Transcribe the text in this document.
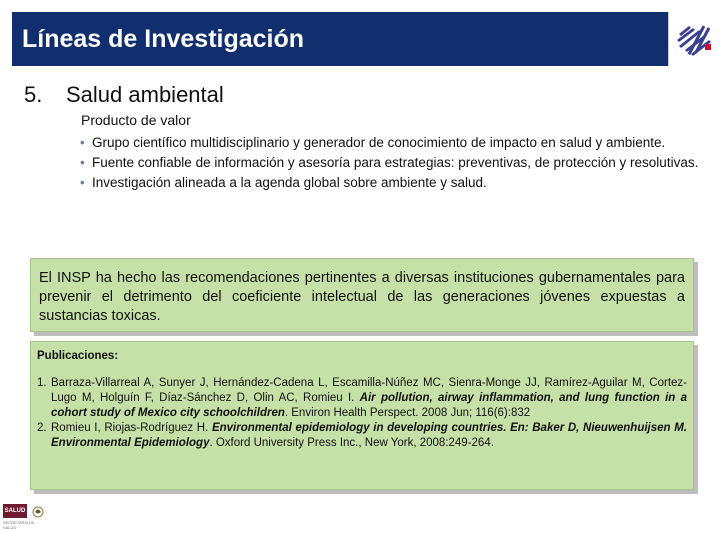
Líneas de Investigación
5. Salud ambiental
Producto de valor
• Grupo científico multidisciplinario y generador de conocimiento de impacto en salud y ambiente.
• Fuente confiable de información y asesoría para estrategias: preventivas, de protección y resolutivas.
• Investigación alineada a la agenda global sobre ambiente y salud.
El INSP ha hecho las recomendaciones pertinentes a diversas instituciones gubernamentales para prevenir el detrimento del coeficiente intelectual de las generaciones jóvenes expuestas a sustancias toxicas.
Publicaciones:
1. Barraza-Villarreal A, Sunyer J, Hernández-Cadena L, Escamilla-Núñez MC, Sienra-Monge JJ, Ramírez-Aguilar M, Cortez-Lugo M, Holguín F, Díaz-Sánchez D, Olin AC, Romieu I. Air pollution, airway inflammation, and lung function in a cohort study of Mexico city schoolchildren. Environ Health Perspect. 2008 Jun; 116(6):832
2. Romieu I, Riojas-Rodríguez H. Environmental epidemiology in developing countries. En: Baker D, Nieuwenhuijsen M. Environmental Epidemiology. Oxford University Press Inc., New York, 2008:249-264.
SALUD
SECRETARÍA DE SALUD
